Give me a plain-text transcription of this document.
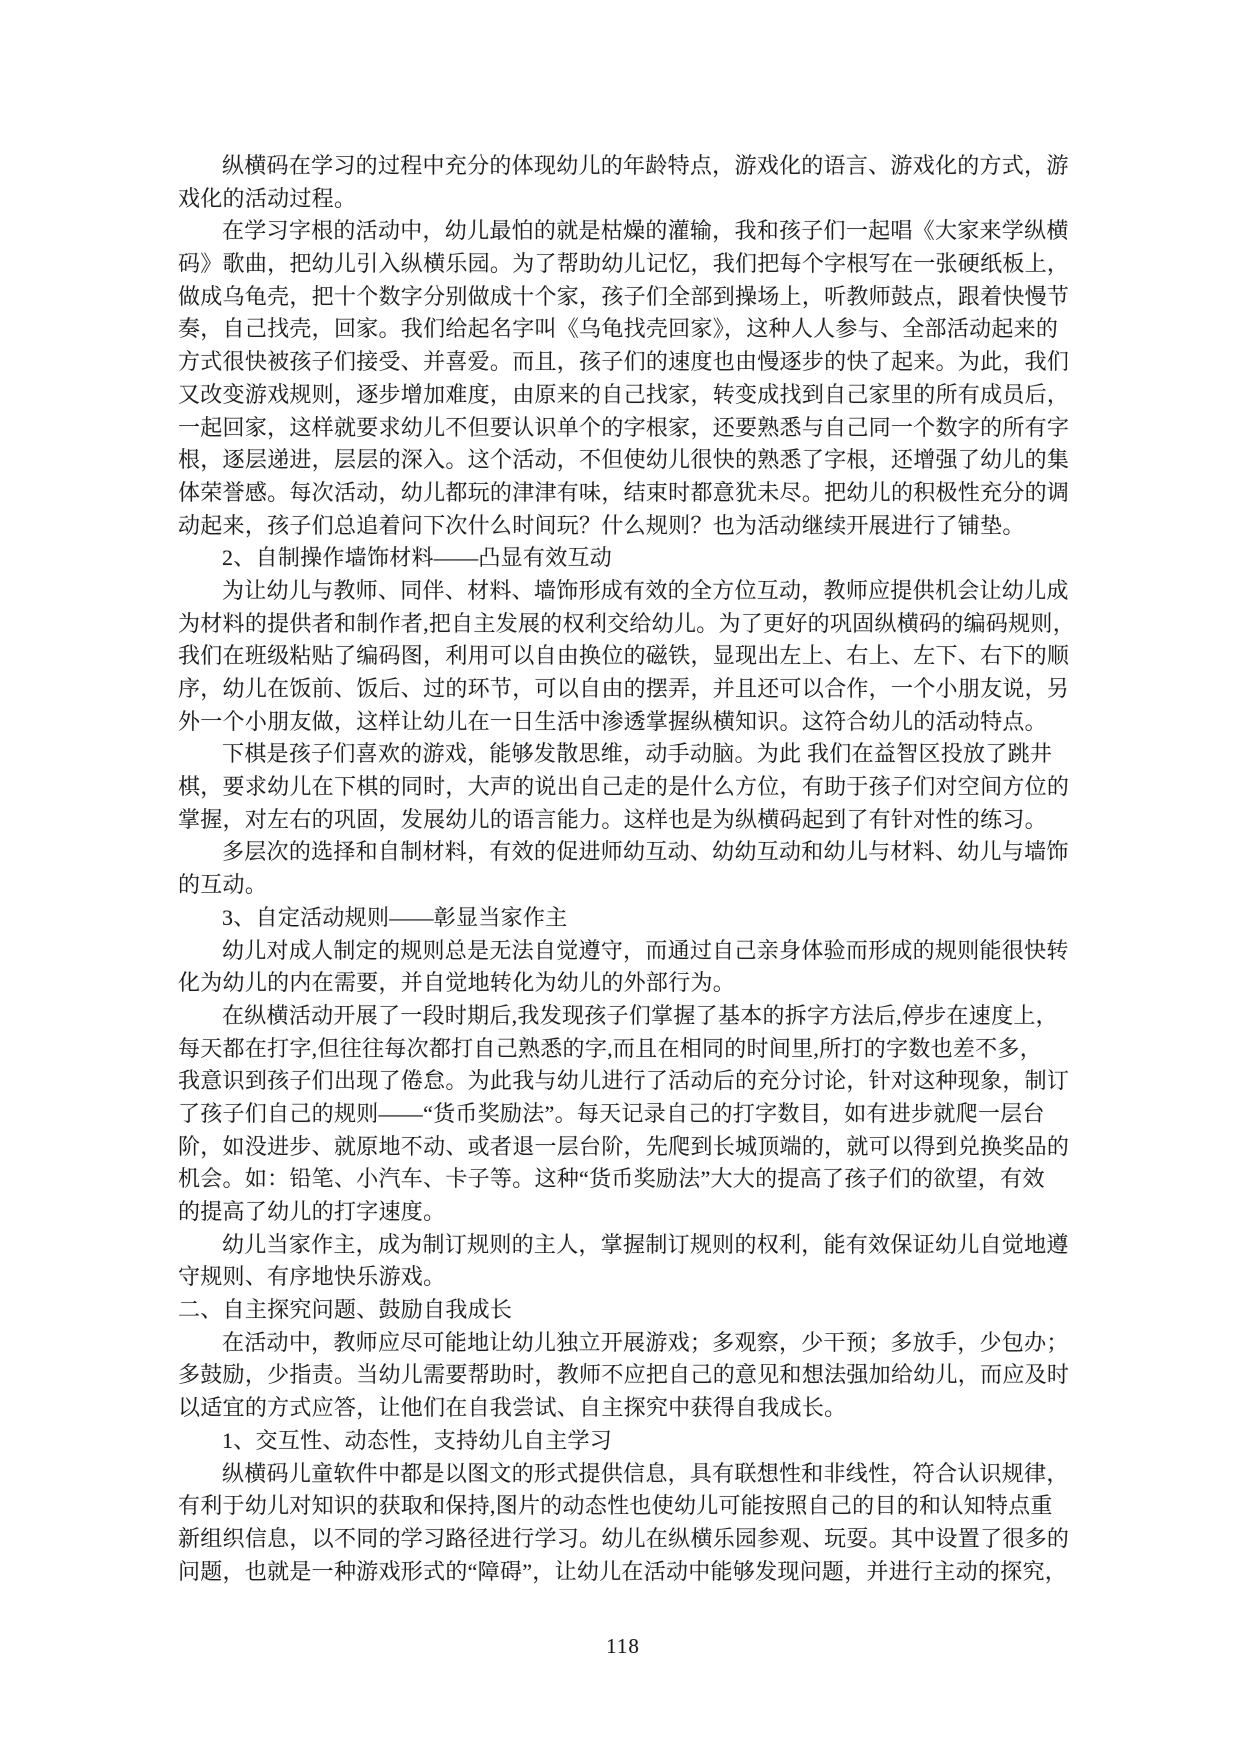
纵横码在学习的过程中充分的体现幼儿的年龄特点，游戏化的语言、游戏化的方式，游
戏化的活动过程。
在学习字根的活动中，幼儿最怕的就是枯燥的灌输，我和孩子们一起唱《大家来学纵横
码》歌曲，把幼儿引入纵横乐园。为了帮助幼儿记忆，我们把每个字根写在一张硬纸板上，
做成乌龟壳，把十个数字分别做成十个家，孩子们全部到操场上，听教师鼓点，跟着快慢节
奏，自己找壳，回家。我们给起名字叫《乌龟找壳回家》，这种人人参与、全部活动起来的
方式很快被孩子们接受、并喜爱。而且，孩子们的速度也由慢逐步的快了起来。为此，我们
又改变游戏规则，逐步增加难度，由原来的自己找家，转变成找到自己家里的所有成员后，
一起回家，这样就要求幼儿不但要认识单个的字根家，还要熟悉与自己同一个数字的所有字
根，逐层递进，层层的深入。这个活动，不但使幼儿很快的熟悉了字根，还增强了幼儿的集
体荣誉感。每次活动，幼儿都玩的津津有味，结束时都意犹未尽。把幼儿的积极性充分的调
动起来，孩子们总追着问下次什么时间玩？什么规则？也为活动继续开展进行了铺垫。
2、自制操作墙饰材料——凸显有效互动
为让幼儿与教师、同伴、材料、墙饰形成有效的全方位互动，教师应提供机会让幼儿成
为材料的提供者和制作者,把自主发展的权利交给幼儿。为了更好的巩固纵横码的编码规则，
我们在班级粘贴了编码图，利用可以自由换位的磁铁，显现出左上、右上、左下、右下的顺
序，幼儿在饭前、饭后、过的环节，可以自由的摆弄，并且还可以合作，一个小朋友说，另
外一个小朋友做，这样让幼儿在一日生活中渗透掌握纵横知识。这符合幼儿的活动特点。
下棋是孩子们喜欢的游戏，能够发散思维，动手动脑。为此 我们在益智区投放了跳井
棋，要求幼儿在下棋的同时，大声的说出自己走的是什么方位，有助于孩子们对空间方位的
掌握，对左右的巩固，发展幼儿的语言能力。这样也是为纵横码起到了有针对性的练习。
多层次的选择和自制材料，有效的促进师幼互动、幼幼互动和幼儿与材料、幼儿与墙饰
的互动。
3、自定活动规则——彰显当家作主
幼儿对成人制定的规则总是无法自觉遵守，而通过自己亲身体验而形成的规则能很快转
化为幼儿的内在需要，并自觉地转化为幼儿的外部行为。
在纵横活动开展了一段时期后,我发现孩子们掌握了基本的拆字方法后,停步在速度上，
每天都在打字,但往往每次都打自己熟悉的字,而且在相同的时间里,所打的字数也差不多，
我意识到孩子们出现了倦怠。为此我与幼儿进行了活动后的充分讨论，针对这种现象，制订
了孩子们自己的规则——“货币奖励法”。每天记录自己的打字数目，如有进步就爬一层台
阶，如没进步、就原地不动、或者退一层台阶，先爬到长城顶端的，就可以得到兑换奖品的
机会。如：铅笔、小汽车、卡子等。这种“货币奖励法”大大的提高了孩子们的欲望，有效
的提高了幼儿的打字速度。
幼儿当家作主，成为制订规则的主人，掌握制订规则的权利，能有效保证幼儿自觉地遵
守规则、有序地快乐游戏。
二、自主探究问题、鼓励自我成长
在活动中，教师应尽可能地让幼儿独立开展游戏；多观察，少干预；多放手，少包办；
多鼓励，少指责。当幼儿需要帮助时，教师不应把自己的意见和想法强加给幼儿，而应及时
以适宜的方式应答，让他们在自我尝试、自主探究中获得自我成长。
1、交互性、动态性，支持幼儿自主学习
纵横码儿童软件中都是以图文的形式提供信息，具有联想性和非线性，符合认识规律，
有利于幼儿对知识的获取和保持,图片的动态性也使幼儿可能按照自己的目的和认知特点重
新组织信息，以不同的学习路径进行学习。幼儿在纵横乐园参观、玩耍。其中设置了很多的
问题，也就是一种游戏形式的“障碍”，让幼儿在活动中能够发现问题，并进行主动的探究，
118
